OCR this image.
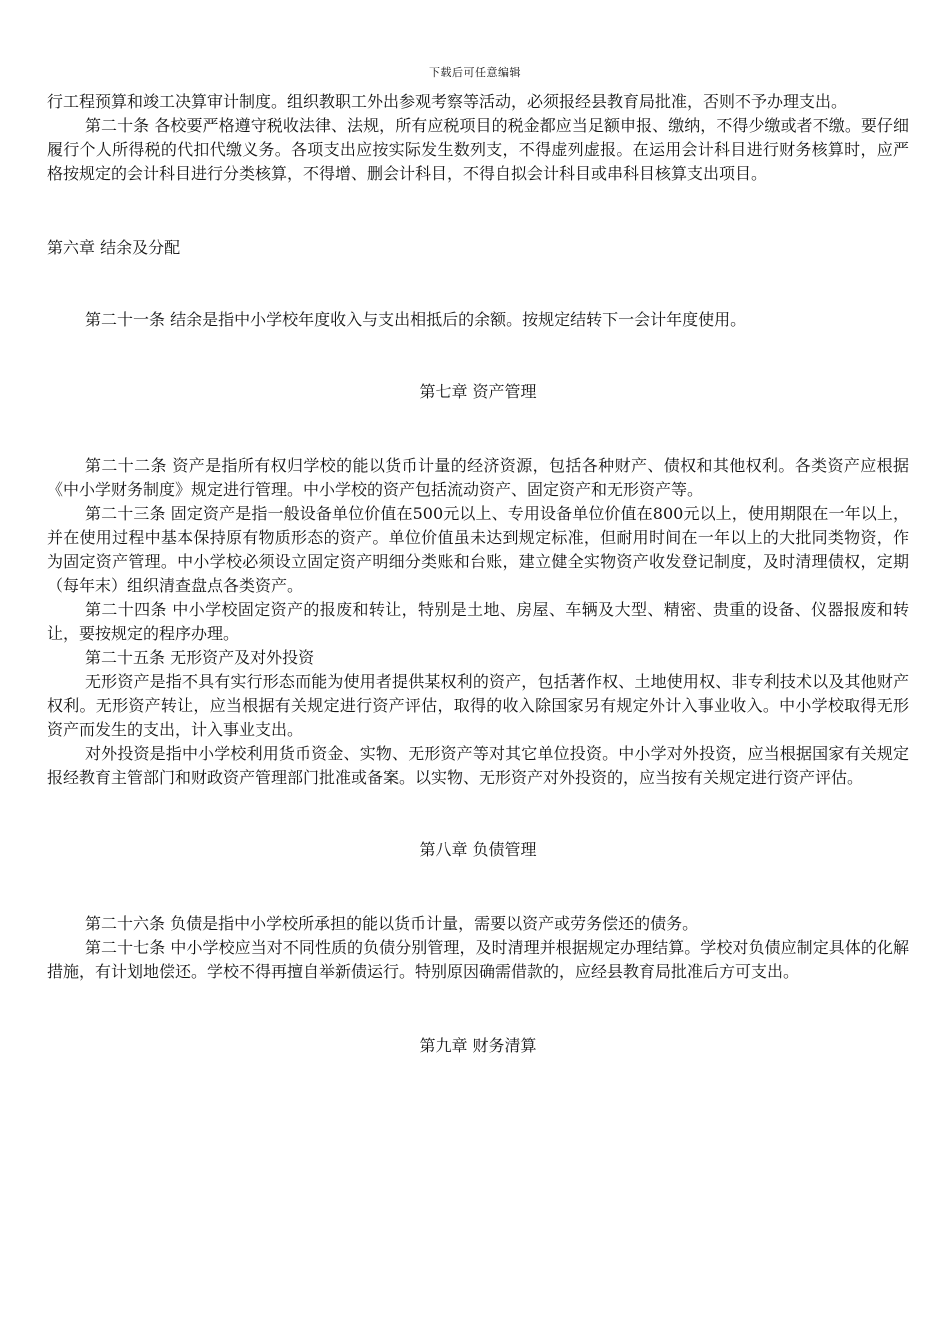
下载后可任意编辑

行工程预算和竣工决算审计制度。组织教职工外出参观考察等活动，必须报经县教育局批准，否则不予办理支出。

第二十条 各校要严格遵守税收法律、法规，所有应税项目的税金都应当足额申报、缴纳，不得少缴或者不缴。要仔细履行个人所得税的代扣代缴义务。各项支出应按实际发生数列支，不得虚列虚报。在运用会计科目进行财务核算时，应严格按规定的会计科目进行分类核算，不得增、删会计科目，不得自拟会计科目或串科目核算支出项目。

第六章 结余及分配

第二十一条 结余是指中小学校年度收入与支出相抵后的余额。按规定结转下一会计年度使用。

第七章 资产管理

第二十二条 资产是指所有权归学校的能以货币计量的经济资源，包括各种财产、债权和其他权利。各类资产应根据《中小学财务制度》规定进行管理。中小学校的资产包括流动资产、固定资产和无形资产等。

第二十三条 固定资产是指一般设备单位价值在500元以上、专用设备单位价值在800元以上，使用期限在一年以上，并在使用过程中基本保持原有物质形态的资产。单位价值虽未达到规定标准，但耐用时间在一年以上的大批同类物资，作为固定资产管理。中小学校必须设立固定资产明细分类账和台账，建立健全实物资产收发登记制度，及时清理债权，定期（每年末）组织清查盘点各类资产。

第二十四条 中小学校固定资产的报废和转让，特别是土地、房屋、车辆及大型、精密、贵重的设备、仪器报废和转让，要按规定的程序办理。

第二十五条 无形资产及对外投资

无形资产是指不具有实行形态而能为使用者提供某权利的资产，包括著作权、土地使用权、非专利技术以及其他财产权利。无形资产转让，应当根据有关规定进行资产评估，取得的收入除国家另有规定外计入事业收入。中小学校取得无形资产而发生的支出，计入事业支出。

对外投资是指中小学校利用货币资金、实物、无形资产等对其它单位投资。中小学对外投资，应当根据国家有关规定报经教育主管部门和财政资产管理部门批准或备案。以实物、无形资产对外投资的，应当按有关规定进行资产评估。

第八章 负债管理

第二十六条 负债是指中小学校所承担的能以货币计量，需要以资产或劳务偿还的债务。

第二十七条 中小学校应当对不同性质的负债分别管理，及时清理并根据规定办理结算。学校对负债应制定具体的化解措施，有计划地偿还。学校不得再擅自举新债运行。特别原因确需借款的，应经县教育局批准后方可支出。

第九章 财务清算
